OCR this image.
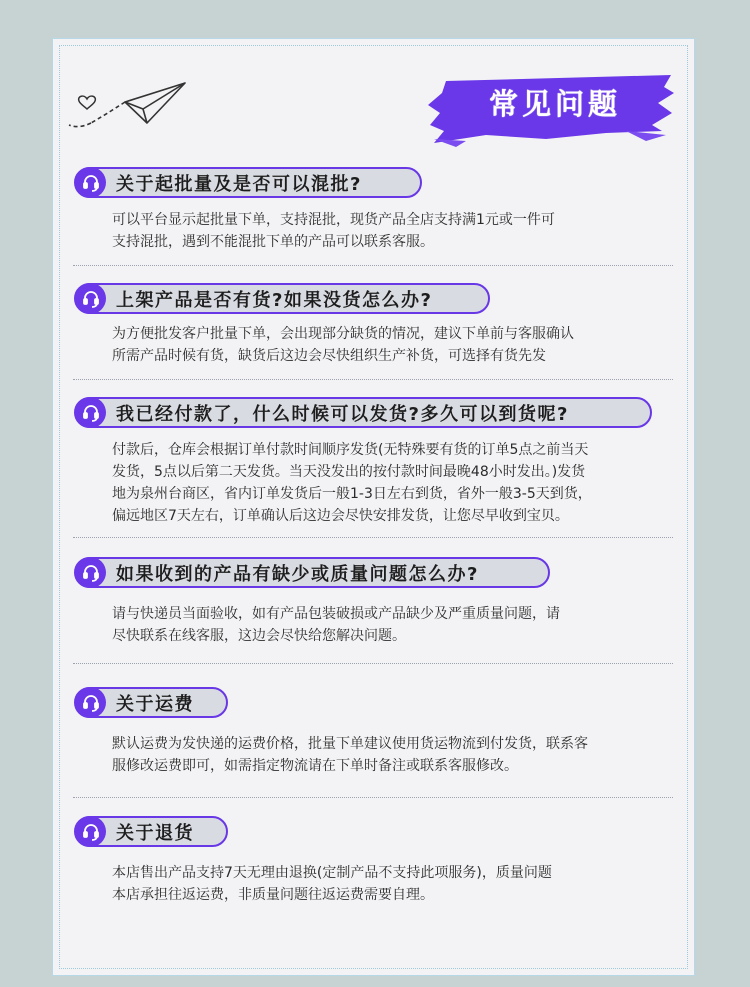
常见问题
关于起批量及是否可以混批?
可以平台显示起批量下单，支持混批，现货产品全店支持满1元或一件可
支持混批，遇到不能混批下单的产品可以联系客服。
上架产品是否有货?如果没货怎么办?
为方便批发客户批量下单，会出现部分缺货的情况，建议下单前与客服确认
所需产品时候有货，缺货后这边会尽快组织生产补货，可选择有货先发
我已经付款了，什么时候可以发货?多久可以到货呢?
付款后，仓库会根据订单付款时间顺序发货(无特殊要有货的订单5点之前当天
发货，5点以后第二天发货。当天没发出的按付款时间最晚48小时发出。)发货
地为泉州台商区，省内订单发货后一般1-3日左右到货，省外一般3-5天到货，
偏远地区7天左右，订单确认后这边会尽快安排发货，让您尽早收到宝贝。
如果收到的产品有缺少或质量问题怎么办?
请与快递员当面验收，如有产品包装破损或产品缺少及严重质量问题，请
尽快联系在线客服，这边会尽快给您解决问题。
关于运费
默认运费为发快递的运费价格，批量下单建议使用货运物流到付发货，联系客
服修改运费即可，如需指定物流请在下单时备注或联系客服修改。
关于退货
本店售出产品支持7天无理由退换(定制产品不支持此项服务)，质量问题
本店承担往返运费，非质量问题往返运费需要自理。
